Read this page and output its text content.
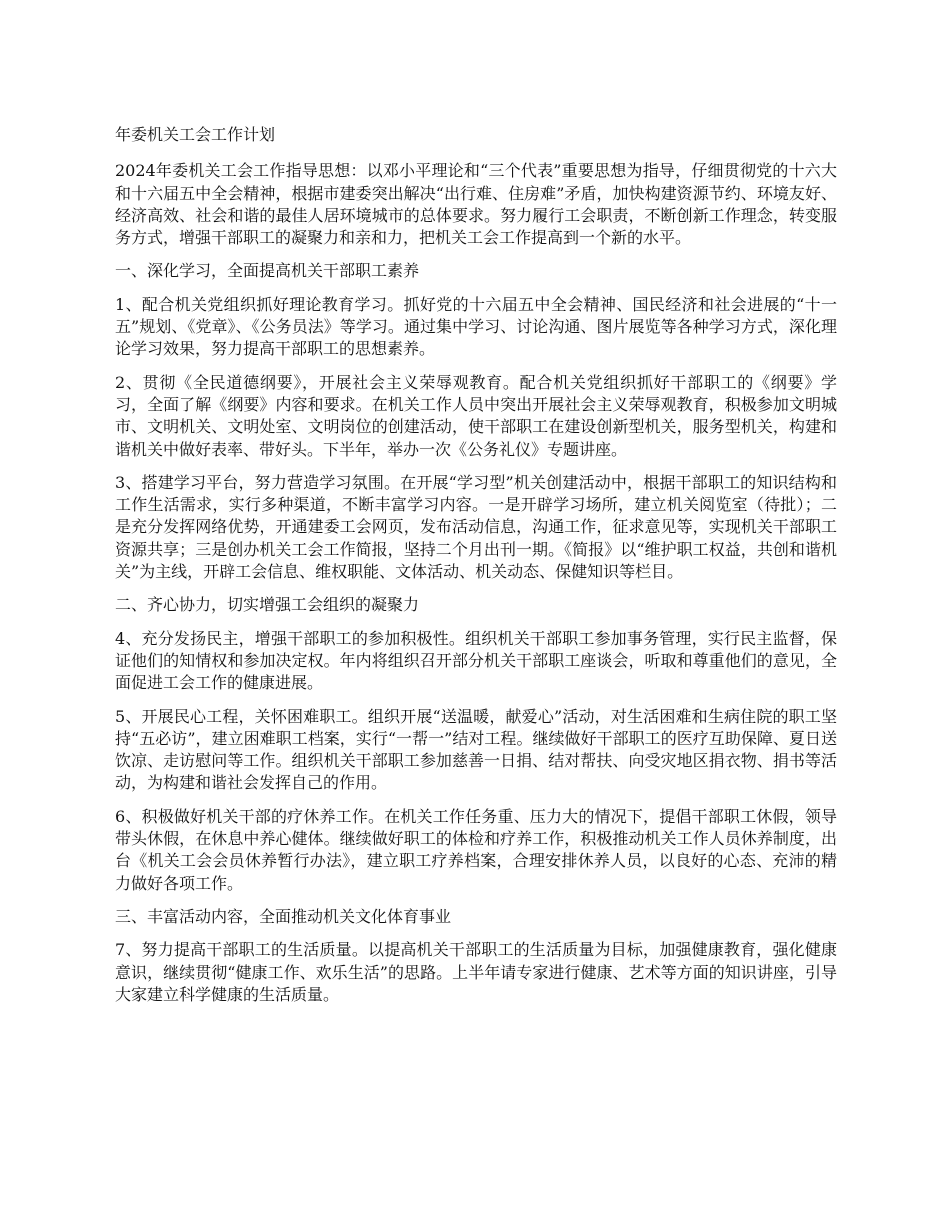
年委机关工会工作计划

2024年委机关工会工作指导思想：以邓小平理论和“三个代表”重要思想为指导，仔细贯彻党的十六大和十六届五中全会精神，根据市建委突出解决“出行难、住房难”矛盾，加快构建资源节约、环境友好、经济高效、社会和谐的最佳人居环境城市的总体要求。努力履行工会职责，不断创新工作理念，转变服务方式，增强干部职工的凝聚力和亲和力，把机关工会工作提高到一个新的水平。

一、深化学习，全面提高机关干部职工素养

1、配合机关党组织抓好理论教育学习。抓好党的十六届五中全会精神、国民经济和社会进展的“十一五”规划、《党章》、《公务员法》等学习。通过集中学习、讨论沟通、图片展览等各种学习方式，深化理论学习效果，努力提高干部职工的思想素养。

2、贯彻《全民道德纲要》，开展社会主义荣辱观教育。配合机关党组织抓好干部职工的《纲要》学习，全面了解《纲要》内容和要求。在机关工作人员中突出开展社会主义荣辱观教育，积极参加文明城市、文明机关、文明处室、文明岗位的创建活动，使干部职工在建设创新型机关，服务型机关，构建和谐机关中做好表率、带好头。下半年，举办一次《公务礼仪》专题讲座。

3、搭建学习平台，努力营造学习氛围。在开展“学习型”机关创建活动中，根据干部职工的知识结构和工作生活需求，实行多种渠道，不断丰富学习内容。一是开辟学习场所，建立机关阅览室（待批）；二是充分发挥网络优势，开通建委工会网页，发布活动信息，沟通工作，征求意见等，实现机关干部职工资源共享；三是创办机关工会工作简报，坚持二个月出刊一期。《简报》以“维护职工权益，共创和谐机关”为主线，开辟工会信息、维权职能、文体活动、机关动态、保健知识等栏目。

二、齐心协力，切实增强工会组织的凝聚力

4、充分发扬民主，增强干部职工的参加积极性。组织机关干部职工参加事务管理，实行民主监督，保证他们的知情权和参加决定权。年内将组织召开部分机关干部职工座谈会，听取和尊重他们的意见，全面促进工会工作的健康进展。

5、开展民心工程，关怀困难职工。组织开展“送温暖，献爱心”活动，对生活困难和生病住院的职工坚持“五必访”，建立困难职工档案，实行“一帮一”结对工程。继续做好干部职工的医疗互助保障、夏日送饮凉、走访慰问等工作。组织机关干部职工参加慈善一日捐、结对帮扶、向受灾地区捐衣物、捐书等活动，为构建和谐社会发挥自己的作用。

6、积极做好机关干部的疗休养工作。在机关工作任务重、压力大的情况下，提倡干部职工休假，领导带头休假，在休息中养心健体。继续做好职工的体检和疗养工作，积极推动机关工作人员休养制度，出台《机关工会会员休养暂行办法》，建立职工疗养档案，合理安排休养人员，以良好的心态、充沛的精力做好各项工作。

三、丰富活动内容，全面推动机关文化体育事业

7、努力提高干部职工的生活质量。以提高机关干部职工的生活质量为目标，加强健康教育，强化健康意识，继续贯彻“健康工作、欢乐生活”的思路。上半年请专家进行健康、艺术等方面的知识讲座，引导大家建立科学健康的生活质量。
